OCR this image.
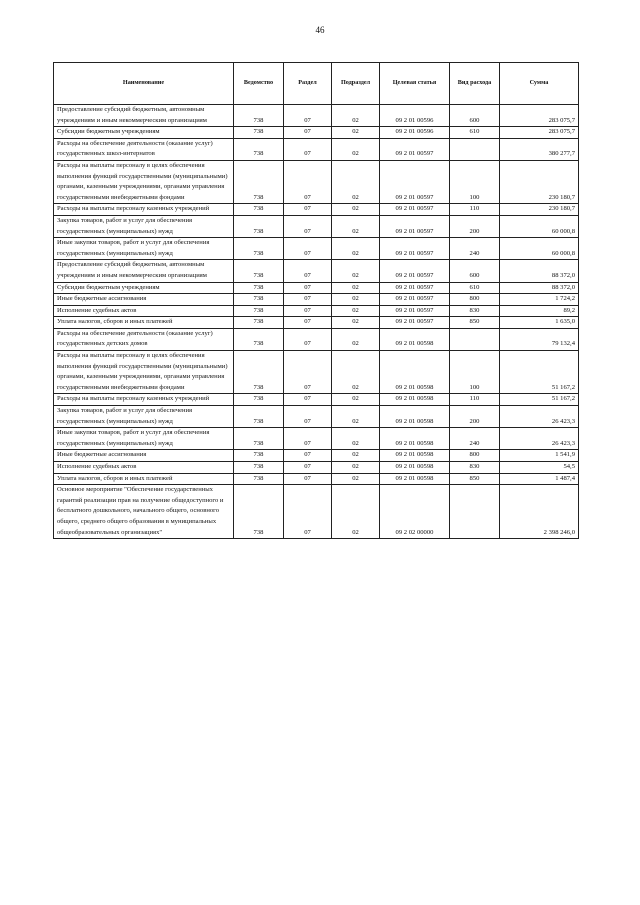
46
Наименование	Ведомство	Раздел	Подраздел	Целевая статья	Вид расхода	Сумма
Предоставление субсидий бюджетным, автономным учреждениям и иным некоммерческим организациям	738	07	02	09 2 01 00596	600	283 075,7
Субсидии бюджетным учреждениям	738	07	02	09 2 01 00596	610	283 075,7
Расходы на обеспечение деятельности (оказание услуг) государственных школ-интернатов	738	07	02	09 2 01 00597		380 277,7
Расходы на выплаты персоналу в целях обеспечения выполнения функций государственными (муниципальными) органами, казенными учреждениями, органами управления государственными внебюджетными фондами	738	07	02	09 2 01 00597	100	230 180,7
Расходы на выплаты персоналу казенных учреждений	738	07	02	09 2 01 00597	110	230 180,7
Закупка товаров, работ и услуг для обеспечения государственных (муниципальных) нужд	738	07	02	09 2 01 00597	200	60 000,8
Иные закупки товаров, работ и услуг для обеспечения государственных (муниципальных) нужд	738	07	02	09 2 01 00597	240	60 000,8
Предоставление субсидий бюджетным, автономным учреждениям и иным некоммерческим организациям	738	07	02	09 2 01 00597	600	88 372,0
Субсидии бюджетным учреждениям	738	07	02	09 2 01 00597	610	88 372,0
Иные бюджетные ассигнования	738	07	02	09 2 01 00597	800	1 724,2
Исполнение судебных актов	738	07	02	09 2 01 00597	830	89,2
Уплата налогов, сборов и иных платежей	738	07	02	09 2 01 00597	850	1 635,0
Расходы на обеспечение деятельности (оказание услуг) государственных детских домов	738	07	02	09 2 01 00598		79 132,4
Расходы на выплаты персоналу в целях обеспечения выполнения функций государственными (муниципальными) органами, казенными учреждениями, органами управления государственными внебюджетными фондами	738	07	02	09 2 01 00598	100	51 167,2
Расходы на выплаты персоналу казенных учреждений	738	07	02	09 2 01 00598	110	51 167,2
Закупка товаров, работ и услуг для обеспечения государственных (муниципальных) нужд	738	07	02	09 2 01 00598	200	26 423,3
Иные закупки товаров, работ и услуг для обеспечения государственных (муниципальных) нужд	738	07	02	09 2 01 00598	240	26 423,3
Иные бюджетные ассигнования	738	07	02	09 2 01 00598	800	1 541,9
Исполнение судебных актов	738	07	02	09 2 01 00598	830	54,5
Уплата налогов, сборов и иных платежей	738	07	02	09 2 01 00598	850	1 487,4
Основное мероприятие "Обеспечение государственных гарантий реализации прав на получение общедоступного и бесплатного дошкольного, начального общего, основного общего, среднего общего образования в муниципальных общеобразовательных организациях"	738	07	02	09 2 02 00000		2 398 246,0
